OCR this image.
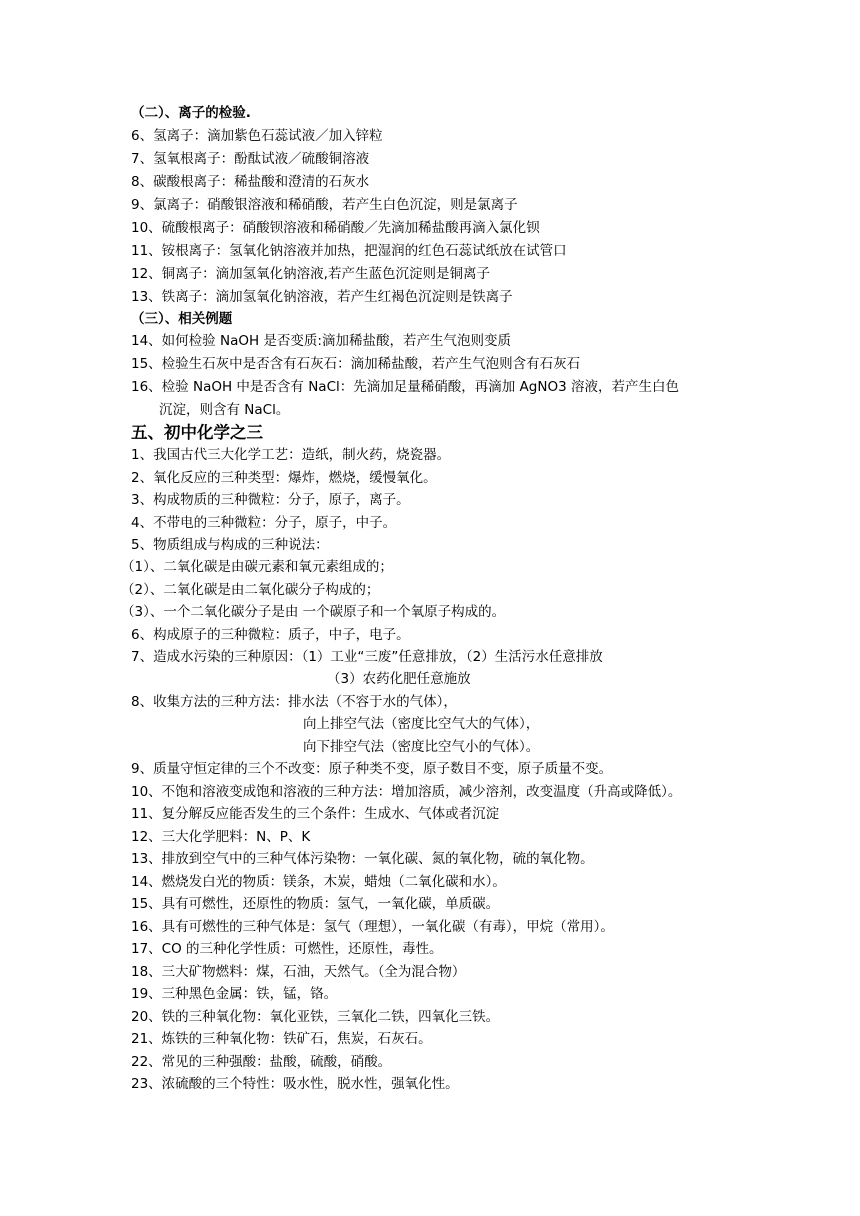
（二）、离子的检验.
6、氢离子：滴加紫色石蕊试液／加入锌粒
7、氢氧根离子：酚酞试液／硫酸铜溶液
8、碳酸根离子：稀盐酸和澄清的石灰水
9、氯离子：硝酸银溶液和稀硝酸，若产生白色沉淀，则是氯离子
10、硫酸根离子：硝酸钡溶液和稀硝酸／先滴加稀盐酸再滴入氯化钡
11、铵根离子：氢氧化钠溶液并加热，把湿润的红色石蕊试纸放在试管口
12、铜离子：滴加氢氧化钠溶液,若产生蓝色沉淀则是铜离子
13、铁离子：滴加氢氧化钠溶液，若产生红褐色沉淀则是铁离子
（三）、相关例题
14、如何检验 NaOH 是否变质:滴加稀盐酸，若产生气泡则变质
15、检验生石灰中是否含有石灰石：滴加稀盐酸，若产生气泡则含有石灰石
16、检验 NaOH 中是否含有 NaCl：先滴加足量稀硝酸，再滴加 AgNO3 溶液，若产生白色
沉淀，则含有 NaCl。
五、初中化学之三
1、我国古代三大化学工艺：造纸，制火药，烧瓷器。
2、氧化反应的三种类型：爆炸，燃烧，缓慢氧化。
3、构成物质的三种微粒：分子，原子，离子。
4、不带电的三种微粒：分子，原子，中子。
5、物质组成与构成的三种说法：
（1）、二氧化碳是由碳元素和氧元素组成的；
（2）、二氧化碳是由二氧化碳分子构成的；
（3）、一个二氧化碳分子是由 一个碳原子和一个氧原子构成的。
6、构成原子的三种微粒：质子，中子，电子。
7、造成水污染的三种原因：（1）工业“三废”任意排放，（2）生活污水任意排放
（3）农药化肥任意施放
8、收集方法的三种方法：排水法（不容于水的气体），
向上排空气法（密度比空气大的气体），
向下排空气法（密度比空气小的气体）。
9、质量守恒定律的三个不改变：原子种类不变，原子数目不变，原子质量不变。
10、不饱和溶液变成饱和溶液的三种方法：增加溶质，减少溶剂，改变温度（升高或降低）。
11、复分解反应能否发生的三个条件：生成水、气体或者沉淀
12、三大化学肥料：N、P、K
13、排放到空气中的三种气体污染物：一氧化碳、氮的氧化物，硫的氧化物。
14、燃烧发白光的物质：镁条，木炭，蜡烛（二氧化碳和水）。
15、具有可燃性，还原性的物质：氢气，一氧化碳，单质碳。
16、具有可燃性的三种气体是：氢气（理想），一氧化碳（有毒），甲烷（常用）。
17、CO 的三种化学性质：可燃性，还原性，毒性。
18、三大矿物燃料：煤，石油，天然气。（全为混合物）
19、三种黑色金属：铁，锰，铬。
20、铁的三种氧化物：氧化亚铁，三氧化二铁，四氧化三铁。
21、炼铁的三种氧化物：铁矿石，焦炭，石灰石。
22、常见的三种强酸：盐酸，硫酸，硝酸。
23、浓硫酸的三个特性：吸水性，脱水性，强氧化性。
